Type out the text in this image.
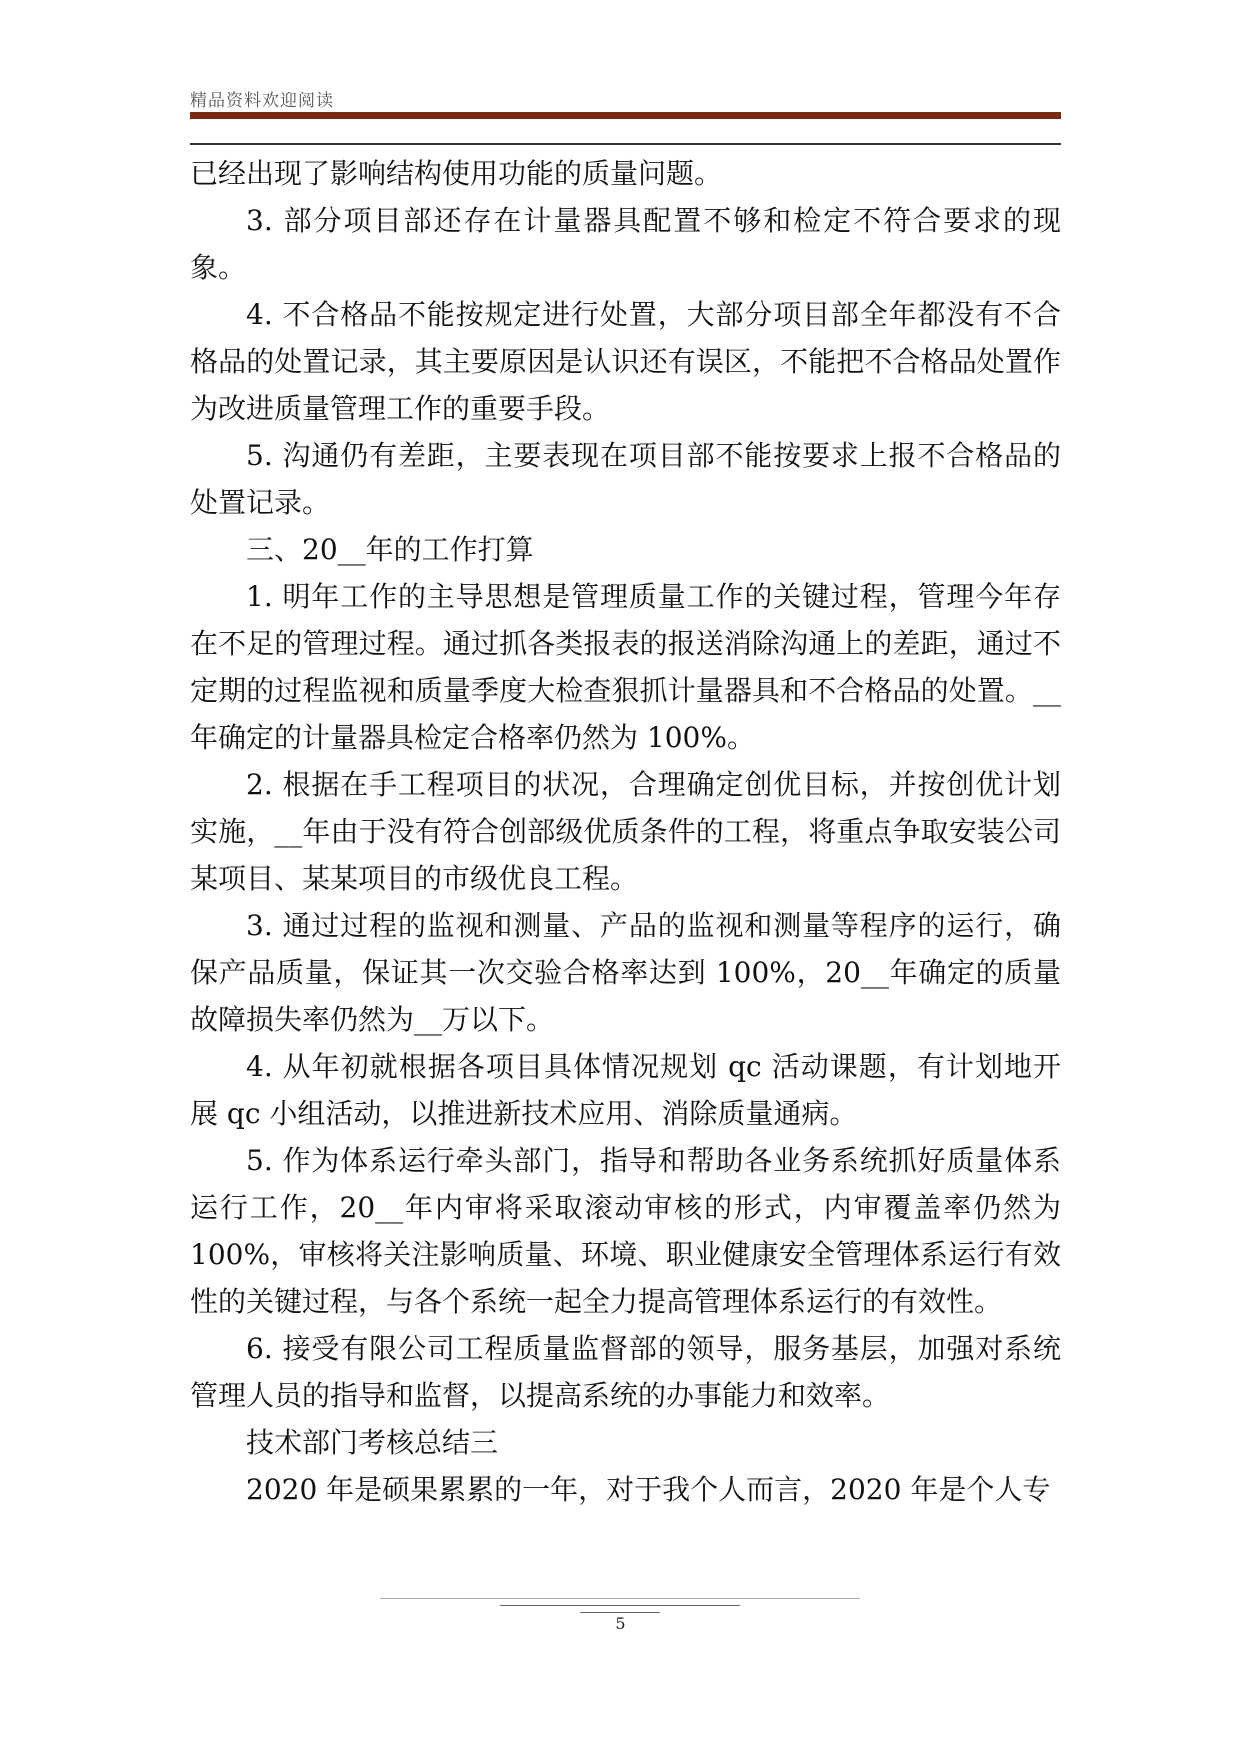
精品资料欢迎阅读

已经出现了影响结构使用功能的质量问题。

3. 部分项目部还存在计量器具配置不够和检定不符合要求的现象。

4. 不合格品不能按规定进行处置，大部分项目部全年都没有不合格品的处置记录，其主要原因是认识还有误区，不能把不合格品处置作为改进质量管理工作的重要手段。

5. 沟通仍有差距，主要表现在项目部不能按要求上报不合格品的处置记录。

三、20__年的工作打算

1. 明年工作的主导思想是管理质量工作的关键过程，管理今年存在不足的管理过程。通过抓各类报表的报送消除沟通上的差距，通过不定期的过程监视和质量季度大检查狠抓计量器具和不合格品的处置。__年确定的计量器具检定合格率仍然为 100%。

2. 根据在手工程项目的状况，合理确定创优目标，并按创优计划实施，__年由于没有符合创部级优质条件的工程，将重点争取安装公司某项目、某某项目的市级优良工程。

3. 通过过程的监视和测量、产品的监视和测量等程序的运行，确保产品质量，保证其一次交验合格率达到 100%，20__年确定的质量故障损失率仍然为__万以下。

4. 从年初就根据各项目具体情况规划 qc 活动课题，有计划地开展 qc 小组活动，以推进新技术应用、消除质量通病。

5. 作为体系运行牵头部门，指导和帮助各业务系统抓好质量体系运行工作，20__年内审将采取滚动审核的形式，内审覆盖率仍然为 100%，审核将关注影响质量、环境、职业健康安全管理体系运行有效性的关键过程，与各个系统一起全力提高管理体系运行的有效性。

6. 接受有限公司工程质量监督部的领导，服务基层，加强对系统管理人员的指导和监督，以提高系统的办事能力和效率。

技术部门考核总结三

2020 年是硕果累累的一年，对于我个人而言，2020 年是个人专

5
